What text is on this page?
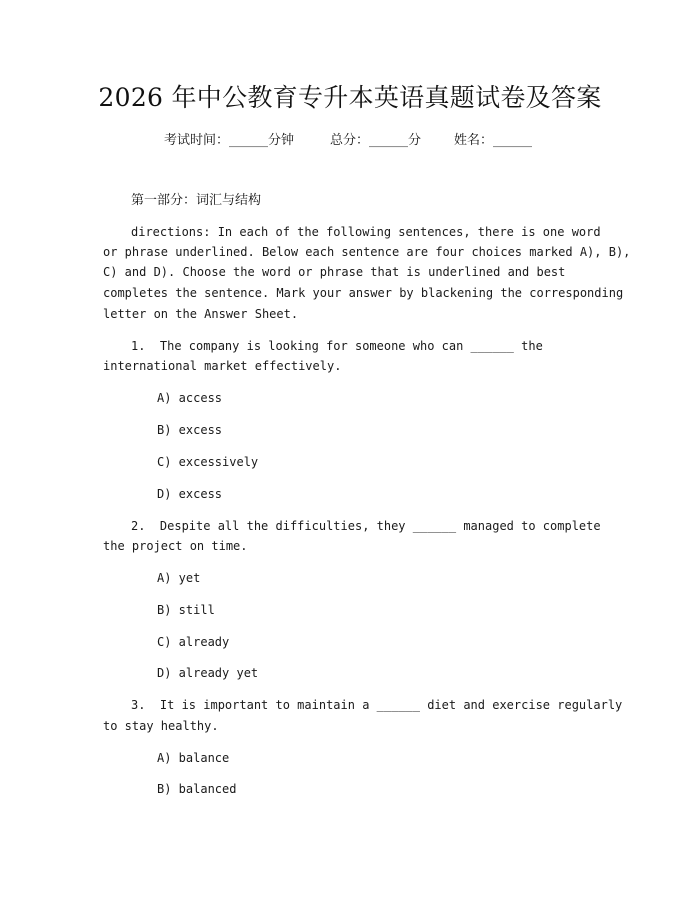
2026 年中公教育专升本英语真题试卷及答案
考试时间：______分钟	总分：______分	姓名：______
第一部分：词汇与结构
directions: In each of the following sentences, there is one word
or phrase underlined. Below each sentence are four choices marked A), B),
C) and D). Choose the word or phrase that is underlined and best
completes the sentence. Mark your answer by blackening the corresponding
letter on the Answer Sheet.
1.  The company is looking for someone who can ______ the
international market effectively.
A) access
B) excess
C) excessively
D) excess
2.  Despite all the difficulties, they ______ managed to complete
the project on time.
A) yet
B) still
C) already
D) already yet
3.  It is important to maintain a ______ diet and exercise regularly
to stay healthy.
A) balance
B) balanced
